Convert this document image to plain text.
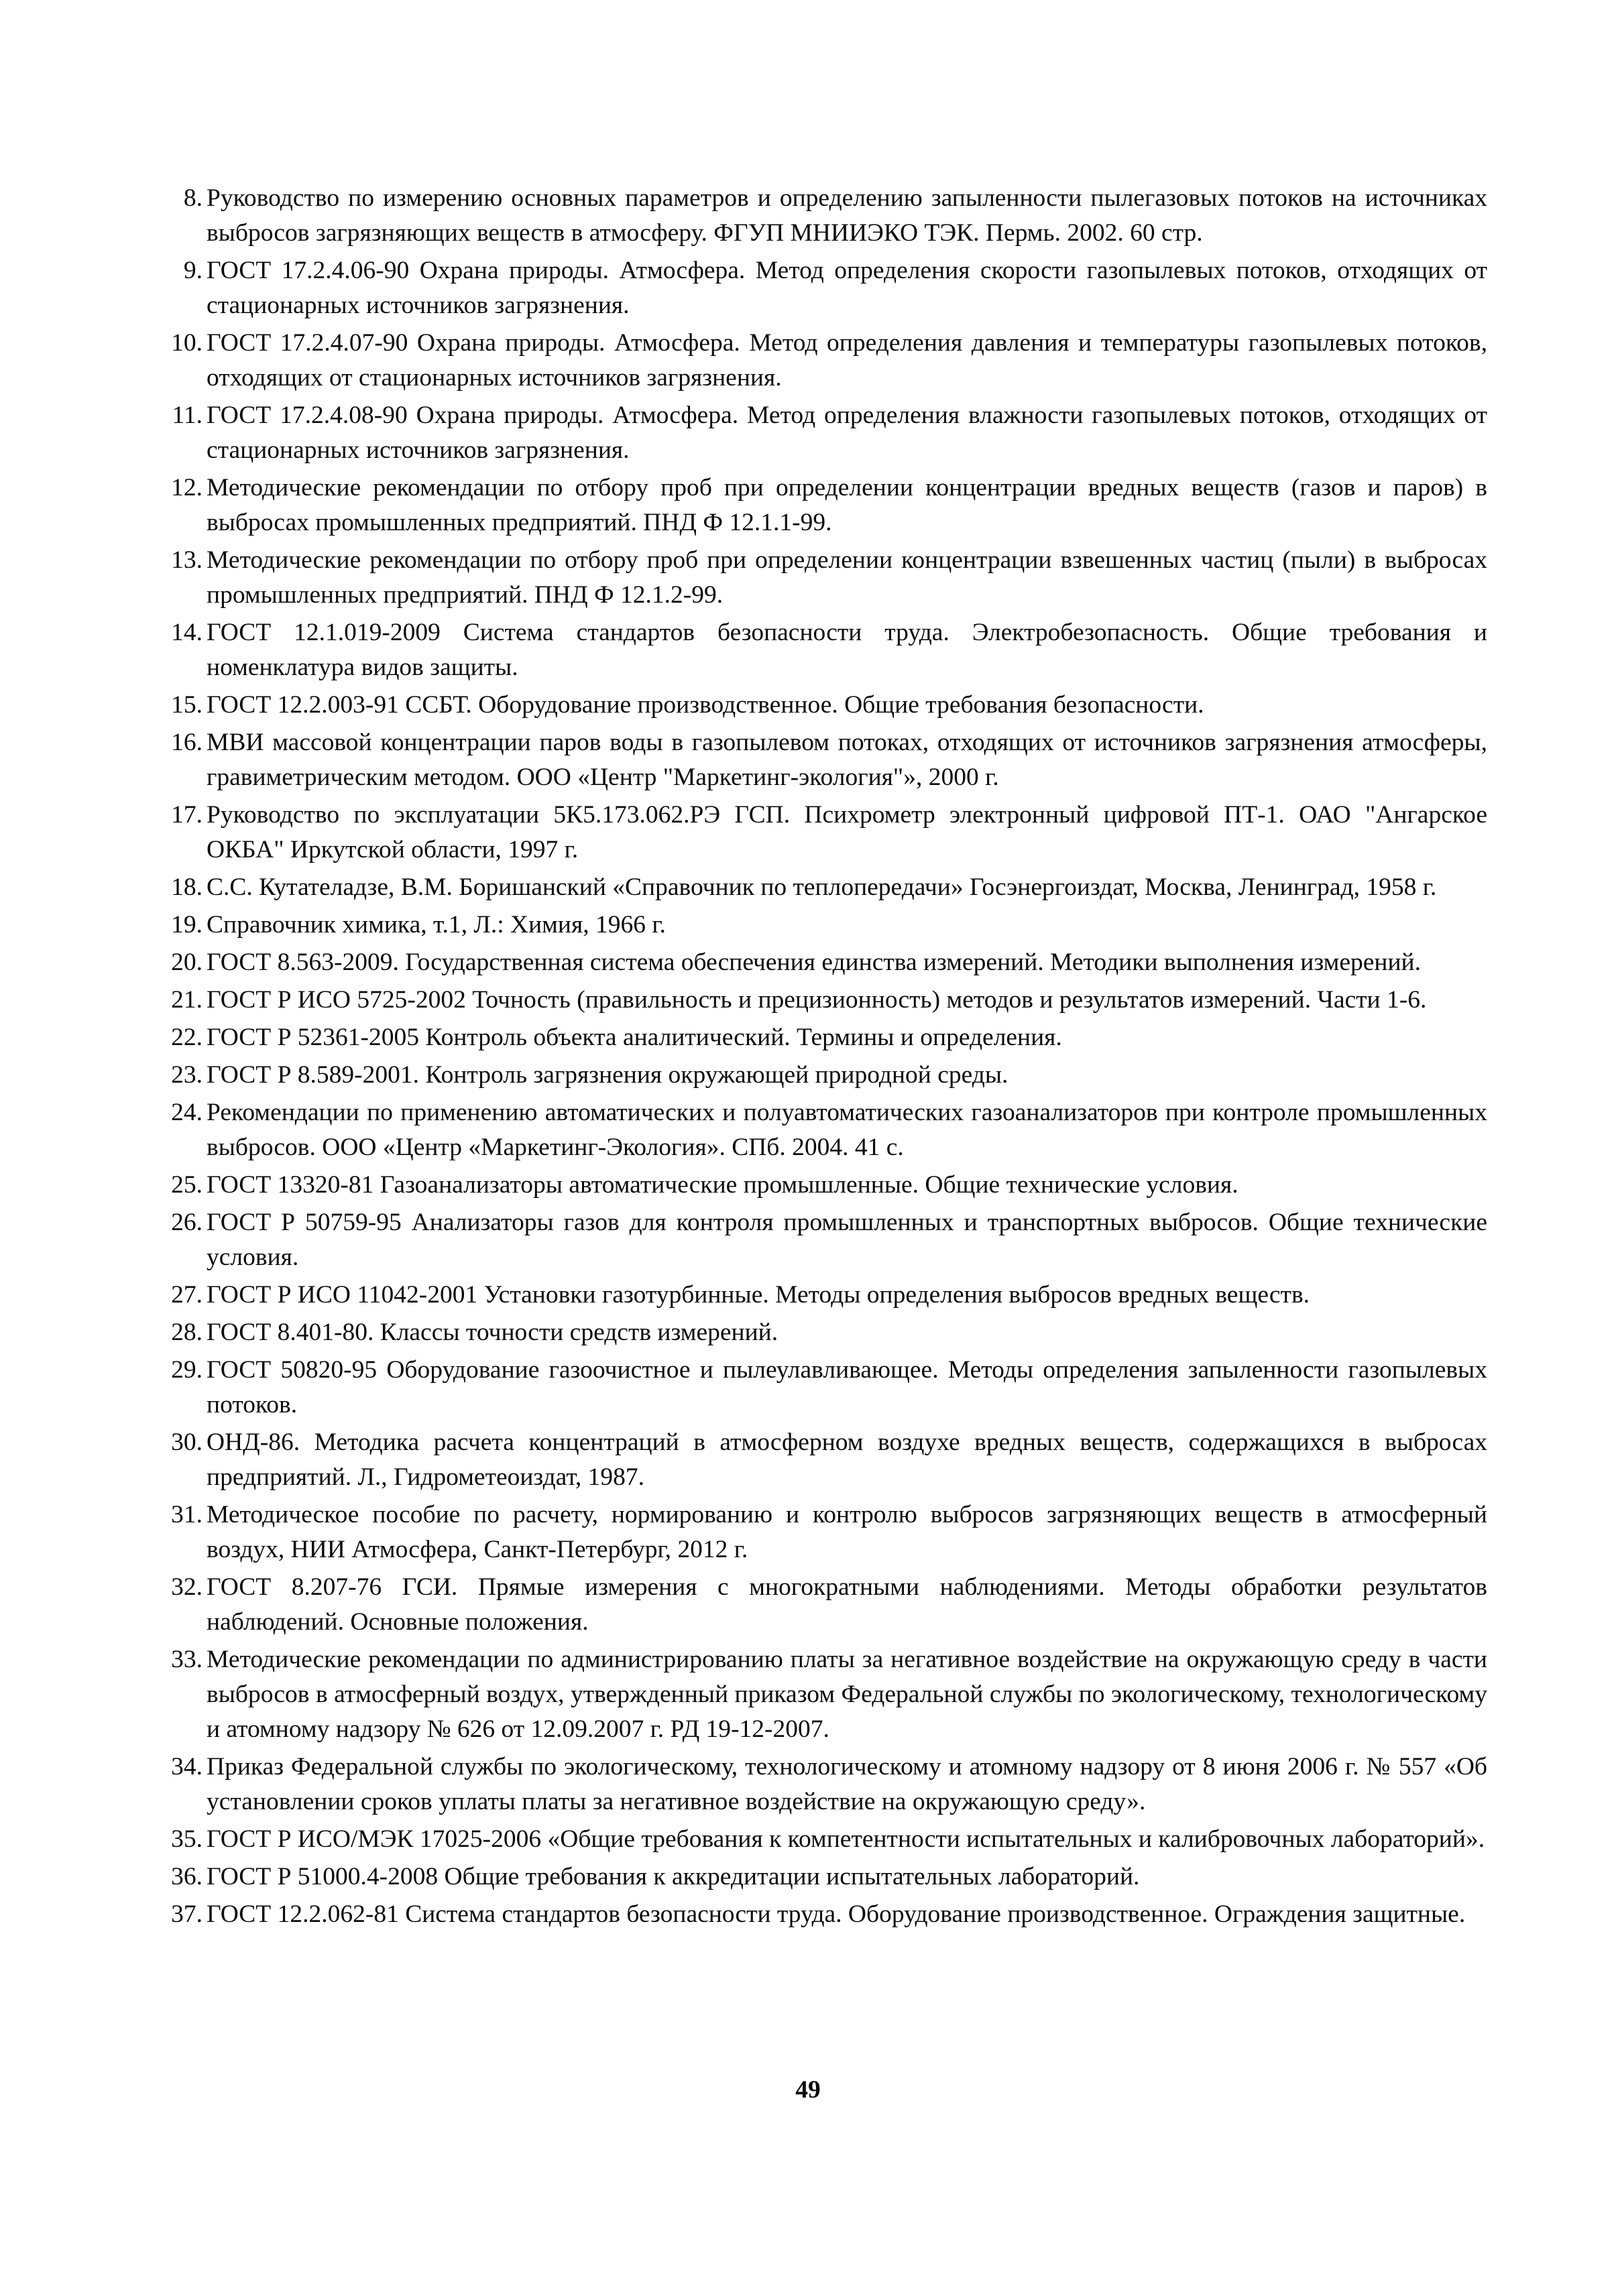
8. Руководство по измерению основных параметров и определению запыленности пылегазовых потоков на источниках выбросов загрязняющих веществ в атмосферу. ФГУП МНИИЭКО ТЭК. Пермь. 2002. 60 стр.
9. ГОСТ 17.2.4.06-90 Охрана природы. Атмосфера. Метод определения скорости газопылевых потоков, отходящих от стационарных источников загрязнения.
10. ГОСТ 17.2.4.07-90 Охрана природы. Атмосфера. Метод определения давления и температуры газопылевых потоков, отходящих от стационарных источников загрязнения.
11. ГОСТ 17.2.4.08-90 Охрана природы. Атмосфера. Метод определения влажности газопылевых потоков, отходящих от стационарных источников загрязнения.
12. Методические рекомендации по отбору проб при определении концентрации вредных веществ (газов и паров) в выбросах промышленных предприятий. ПНД Ф 12.1.1-99.
13. Методические рекомендации по отбору проб при определении концентрации взвешенных частиц (пыли) в выбросах промышленных предприятий. ПНД Ф 12.1.2-99.
14. ГОСТ 12.1.019-2009 Система стандартов безопасности труда. Электробезопасность. Общие требования и номенклатура видов защиты.
15. ГОСТ 12.2.003-91 ССБТ. Оборудование производственное. Общие требования безопасности.
16. МВИ массовой концентрации паров воды в газопылевом потоках, отходящих от источников загрязнения атмосферы, гравиметрическим методом. ООО «Центр "Маркетинг-экология"», 2000 г.
17. Руководство по эксплуатации 5К5.173.062.РЭ ГСП. Психрометр электронный цифровой ПТ-1. ОАО "Ангарское ОКБА" Иркутской области, 1997 г.
18. С.С. Кутателадзе, В.М. Боришанский «Справочник по теплопередачи» Госэнергоиздат, Москва, Ленинград, 1958 г.
19. Справочник химика, т.1, Л.: Химия, 1966 г.
20. ГОСТ 8.563-2009. Государственная система обеспечения единства измерений. Методики выполнения измерений.
21. ГОСТ Р ИСО 5725-2002 Точность (правильность и прецизионность) методов и результатов измерений. Части 1-6.
22. ГОСТ Р 52361-2005 Контроль объекта аналитический. Термины и определения.
23. ГОСТ Р 8.589-2001. Контроль загрязнения окружающей природной среды.
24. Рекомендации по применению автоматических и полуавтоматических газоанализаторов при контроле промышленных выбросов. ООО «Центр «Маркетинг-Экология». СПб. 2004. 41 с.
25. ГОСТ 13320-81 Газоанализаторы автоматические промышленные. Общие технические условия.
26. ГОСТ Р 50759-95 Анализаторы газов для контроля промышленных и транспортных выбросов. Общие технические условия.
27. ГОСТ Р ИСО 11042-2001 Установки газотурбинные. Методы определения выбросов вредных веществ.
28. ГОСТ 8.401-80. Классы точности средств измерений.
29. ГОСТ 50820-95 Оборудование газоочистное и пылеулавливающее. Методы определения запыленности газопылевых потоков.
30. ОНД-86. Методика расчета концентраций в атмосферном воздухе вредных веществ, содержащихся в выбросах предприятий. Л., Гидрометеоиздат, 1987.
31. Методическое пособие по расчету, нормированию и контролю выбросов загрязняющих веществ в атмосферный воздух, НИИ Атмосфера, Санкт-Петербург, 2012 г.
32. ГОСТ 8.207-76 ГСИ. Прямые измерения с многократными наблюдениями. Методы обработки результатов наблюдений. Основные положения.
33. Методические рекомендации по администрированию платы за негативное воздействие на окружающую среду в части выбросов в атмосферный воздух, утвержденный приказом Федеральной службы по экологическому, технологическому и атомному надзору № 626 от 12.09.2007 г. РД 19-12-2007.
34. Приказ Федеральной службы по экологическому, технологическому и атомному надзору от 8 июня 2006 г. № 557 «Об установлении сроков уплаты платы за негативное воздействие на окружающую среду».
35. ГОСТ Р ИСО/МЭК 17025-2006 «Общие требования к компетентности испытательных и калибровочных лабораторий».
36. ГОСТ Р 51000.4-2008 Общие требования к аккредитации испытательных лабораторий.
37. ГОСТ 12.2.062-81 Система стандартов безопасности труда. Оборудование производственное. Ограждения защитные.
49
